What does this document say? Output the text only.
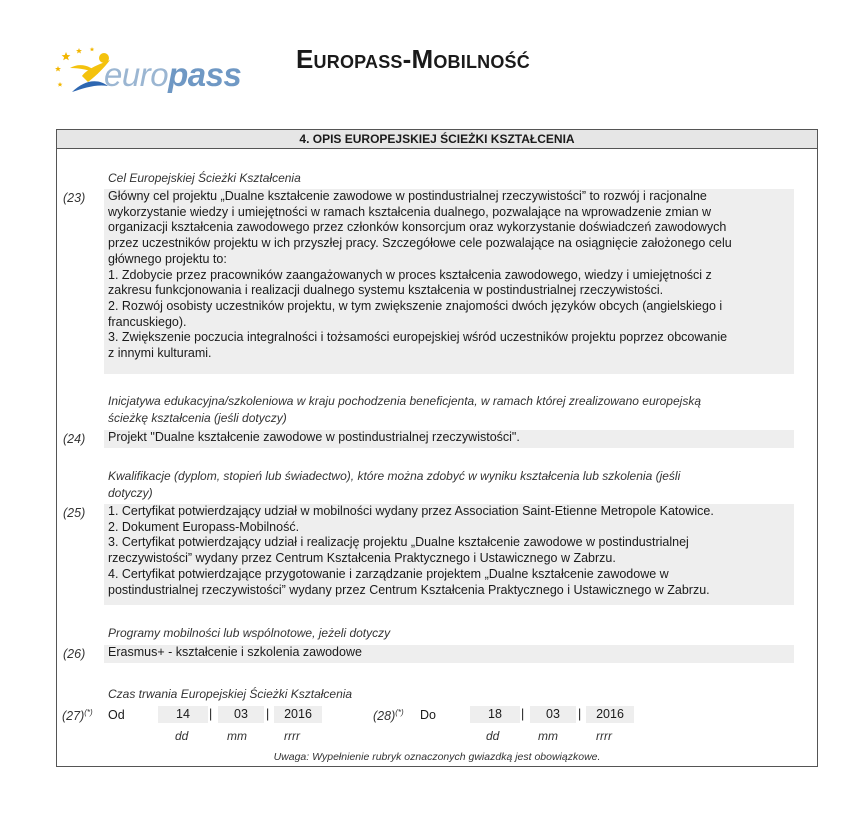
europass Europass-Mobilność
4. OPIS EUROPEJSKIEJ ŚCIEŻKI KSZTAŁCENIA
Cel Europejskiej Ścieżki Kształcenia
(23) Główny cel projektu „Dualne kształcenie zawodowe w postindustrialnej rzeczywistości” to rozwój i racjonalne
wykorzystanie wiedzy i umiejętności w ramach kształcenia dualnego, pozwalające na wprowadzenie zmian w
organizacji kształcenia zawodowego przez członków konsorcjum oraz wykorzystanie doświadczeń zawodowych
przez uczestników projektu w ich przyszłej pracy. Szczegółowe cele pozwalające na osiągnięcie założonego celu
głównego projektu to:
1. Zdobycie przez pracowników zaangażowanych w proces kształcenia zawodowego, wiedzy i umiejętności z
zakresu funkcjonowania i realizacji dualnego systemu kształcenia w postindustrialnej rzeczywistości.
2. Rozwój osobisty uczestników projektu, w tym zwiększenie znajomości dwóch języków obcych (angielskiego i
francuskiego).
3. Zwiększenie poczucia integralności i tożsamości europejskiej wśród uczestników projektu poprzez obcowanie
z innymi kulturami.
Inicjatywa edukacyjna/szkoleniowa w kraju pochodzenia beneficjenta, w ramach której zrealizowano europejską
ścieżkę kształcenia (jeśli dotyczy)
(24) Projekt "Dualne kształcenie zawodowe w postindustrialnej rzeczywistości".
Kwalifikacje (dyplom, stopień lub świadectwo), które można zdobyć w wyniku kształcenia lub szkolenia (jeśli
dotyczy)
(25) 1. Certyfikat potwierdzający udział w mobilności wydany przez Association Saint-Etienne Metropole Katowice.
2. Dokument Europass-Mobilność.
3. Certyfikat potwierdzający udział i realizację projektu „Dualne kształcenie zawodowe w postindustrialnej
rzeczywistości” wydany przez Centrum Kształcenia Praktycznego i Ustawicznego w Zabrzu.
4. Certyfikat potwierdzające przygotowanie i zarządzanie projektem „Dualne kształcenie zawodowe w
postindustrialnej rzeczywistości” wydany przez Centrum Kształcenia Praktycznego i Ustawicznego w Zabrzu.
Programy mobilności lub wspólnotowe, jeżeli dotyczy
(26) Erasmus+ - kształcenie i szkolenia zawodowe
Czas trwania Europejskiej Ścieżki Kształcenia
(27)(*) Od	14	|	03	|	2016
dd	mm	rrrr
(28)(*) Do	18	|	03	|	2016
dd	mm	rrrr
Uwaga: Wypełnienie rubryk oznaczonych gwiazdką jest obowiązkowe.
